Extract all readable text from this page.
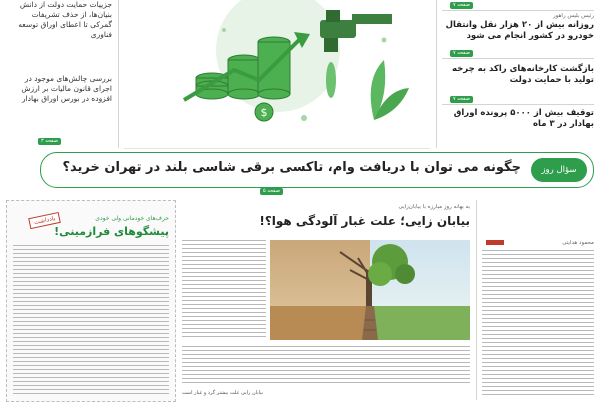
جزییات حمایت دولت از دانش بنیان‌ها، از حذف تشریفات گمرکی تا اعطای اوراق توسعه فناوری
بررسی چالش‌های موجود در اجرای قانون مالیات بر ارزش افزوده در بورس اوراق بهادار
صفحه ۳
$
صفحه ۷
رئیس بلیس راهور
روزانه بیش از ۲۰ هزار نقل وانتقال خودرو در کشور انجام می شود
صفحه ۷
بازگشت کارخانه‌های راکد به چرخه تولید با حمایت دولت
صفحه ۷
توقیف بیش از ۵۰۰۰ پرونده اوراق بهادار در ۳ ماه
سؤال روز
چگونه می توان با دریافت وام، تاکسی برقی شاسی بلند در تهران خرید؟
صفحه ۵
یادداشت	حرف‌های خودمانی ولی خودی
پیشگوهای فرازمینی!
به بهانه روز مبارزه با بیابان‌زایی
بیابان زایی؛ علت غبار آلودگی هوا؟!
بیابان زایی علت بیشتر گرد و غبار است
محمود هدایتی
